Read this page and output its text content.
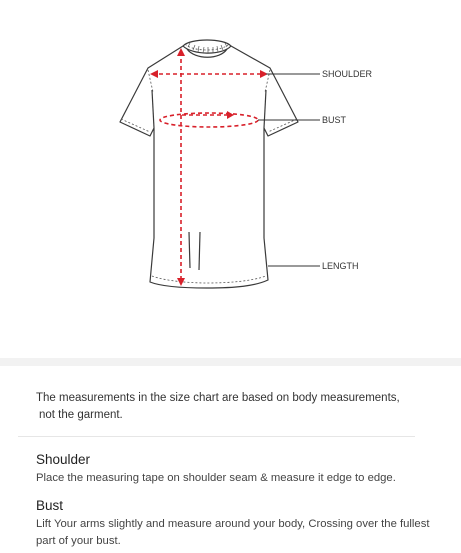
SHOULDER
BUST
LENGTH
The measurements in the size chart are based on body measurements,
not the garment.
Shoulder

Place the measuring tape on shoulder seam & measure it edge to edge.

Bust

Lift Your arms slightly and measure around your body, Crossing over the fullest
part of your bust.
